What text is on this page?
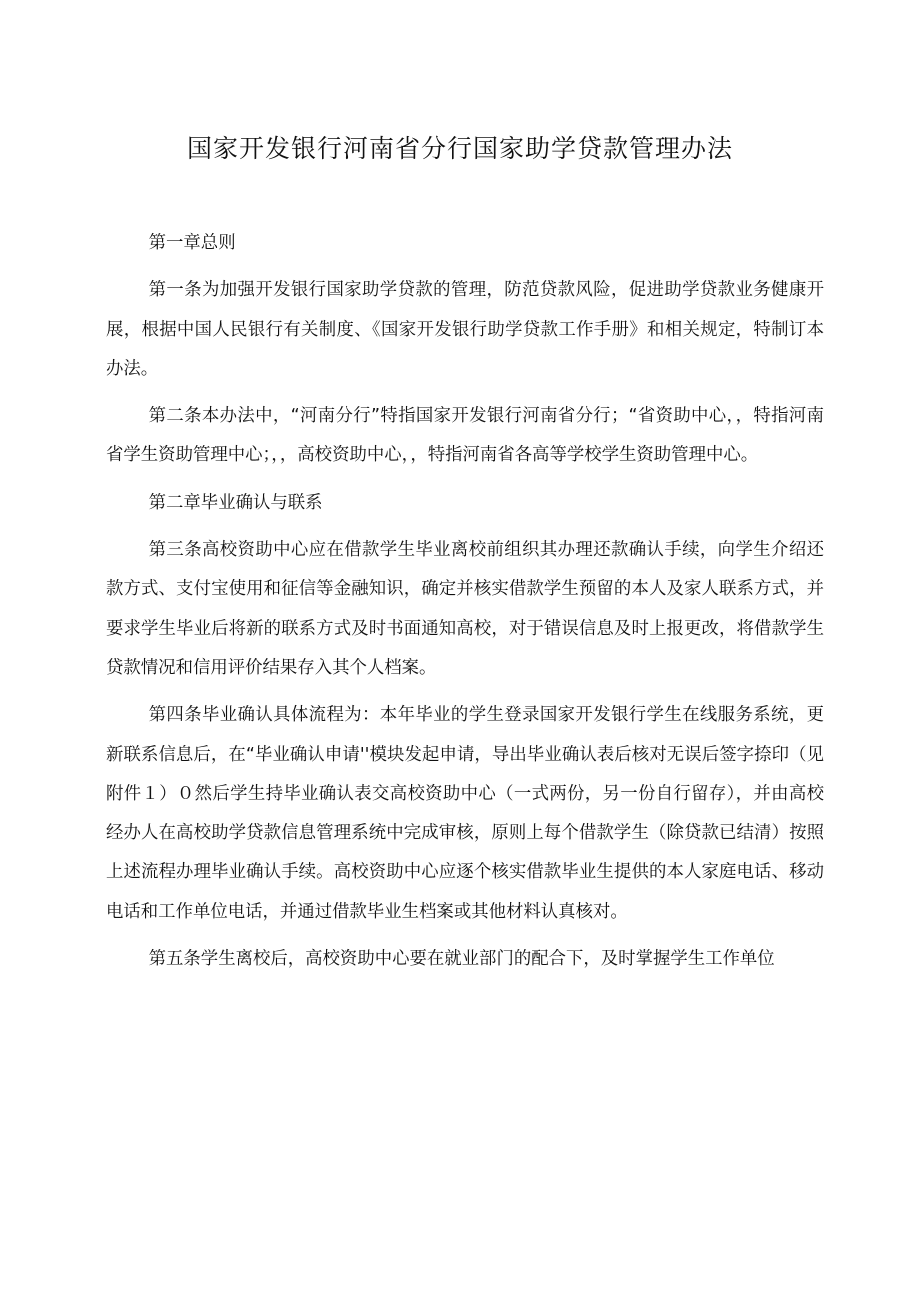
国家开发银行河南省分行国家助学贷款管理办法

第一章总则

第一条为加强开发银行国家助学贷款的管理，防范贷款风险，促进助学贷款业务健康开展，根据中国人民银行有关制度、《国家开发银行助学贷款工作手册》和相关规定，特制订本办法。

第二条本办法中，“河南分行”特指国家开发银行河南省分行；“省资助中心，，特指河南省学生资助管理中心；，，高校资助中心，，特指河南省各高等学校学生资助管理中心。

第二章毕业确认与联系

第三条高校资助中心应在借款学生毕业离校前组织其办理还款确认手续，向学生介绍还款方式、支付宝使用和征信等金融知识，确定并核实借款学生预留的本人及家人联系方式，并要求学生毕业后将新的联系方式及时书面通知高校，对于错误信息及时上报更改，将借款学生贷款情况和信用评价结果存入其个人档案。

第四条毕业确认具体流程为：本年毕业的学生登录国家开发银行学生在线服务系统，更新联系信息后，在“毕业确认申请''模块发起申请，导出毕业确认表后核对无误后签字捺印（见附件１）０然后学生持毕业确认表交高校资助中心（一式两份，另一份自行留存），并由高校经办人在高校助学贷款信息管理系统中完成审核，原则上每个借款学生（除贷款已结清）按照上述流程办理毕业确认手续。高校资助中心应逐个核实借款毕业生提供的本人家庭电话、移动电话和工作单位电话，并通过借款毕业生档案或其他材料认真核对。

第五条学生离校后，高校资助中心要在就业部门的配合下，及时掌握学生工作单位
